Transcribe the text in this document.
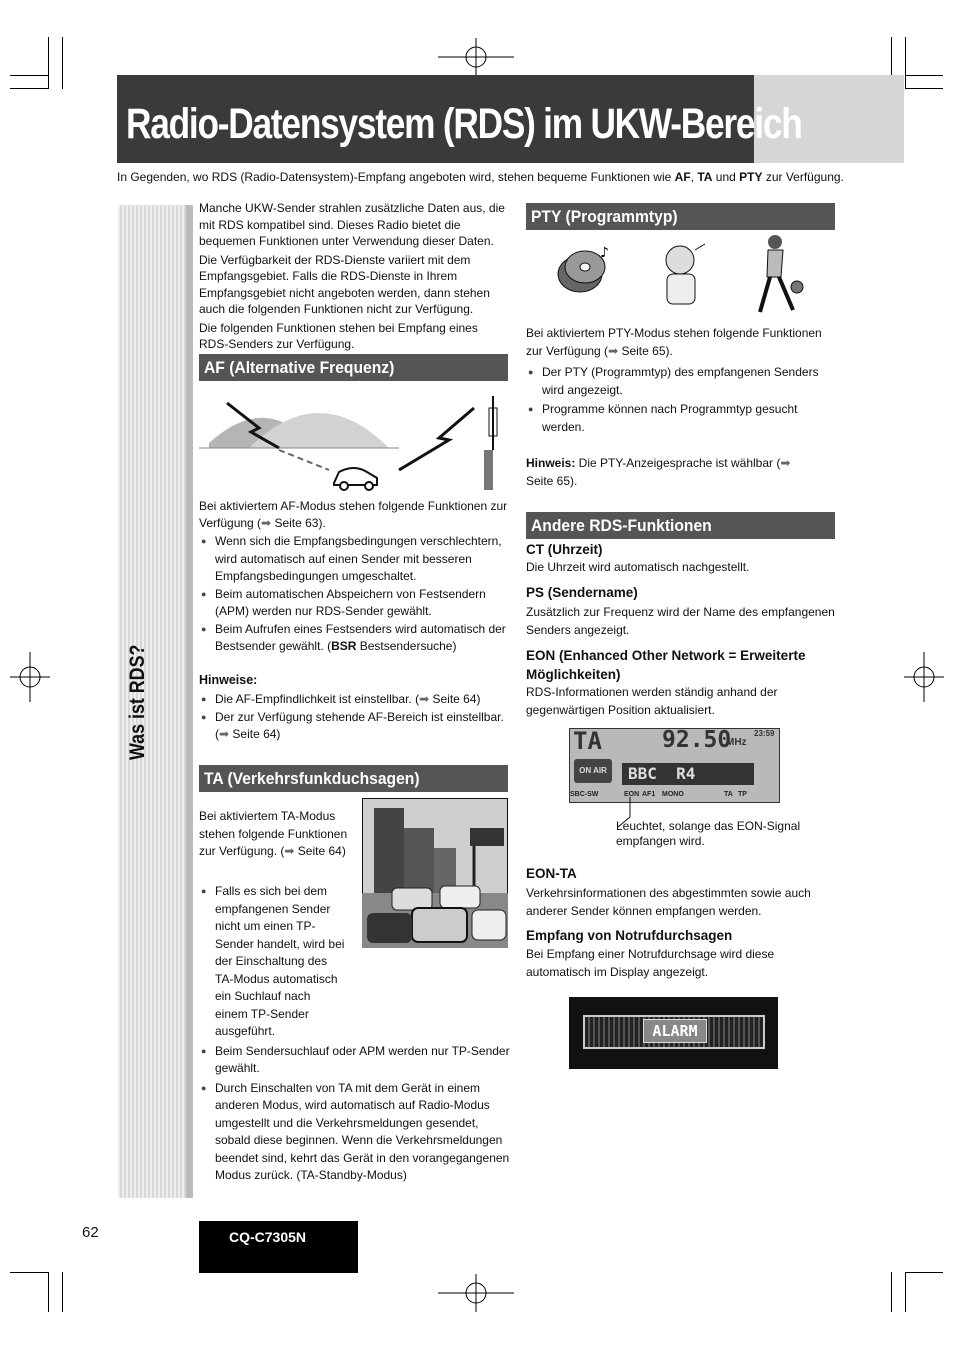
Radio-Datensystem (RDS) im UKW-Bereich
In Gegenden, wo RDS (Radio-Datensystem)-Empfang angeboten wird, stehen bequeme Funktionen wie AF, TA und PTY zur Verfügung.
Was ist RDS?
Manche UKW-Sender strahlen zusätzliche Daten aus, die mit RDS kompatibel sind. Dieses Radio bietet die bequemen Funktionen unter Verwendung dieser Daten.
Die Verfügbarkeit der RDS-Dienste variiert mit dem Empfangsgebiet. Falls die RDS-Dienste in Ihrem Empfangsgebiet nicht angeboten werden, dann stehen auch die folgenden Funktionen nicht zur Verfügung.
Die folgenden Funktionen stehen bei Empfang eines RDS-Senders zur Verfügung.
AF (Alternative Frequenz)
Bei aktiviertem AF-Modus stehen folgende Funktionen zur Verfügung (➡ Seite 63).
● Wenn sich die Empfangsbedingungen verschlechtern, wird automatisch auf einen Sender mit besseren Empfangsbedingungen umgeschaltet.
● Beim automatischen Abspeichern von Festsendern (APM) werden nur RDS-Sender gewählt.
● Beim Aufrufen eines Festsenders wird automatisch der Bestsender gewählt. (BSR Bestsendersuche)
Hinweise:
● Die AF-Empfindlichkeit ist einstellbar. (➡ Seite 64)
● Der zur Verfügung stehende AF-Bereich ist einstellbar. (➡ Seite 64)
TA (Verkehrsfunkduchsagen)
Bei aktiviertem TA-Modus stehen folgende Funktionen zur Verfügung. (➡ Seite 64)
● Falls es sich bei dem empfangenen Sender nicht um einen TP-Sender handelt, wird bei der Einschaltung des TA-Modus automatisch ein Suchlauf nach einem TP-Sender ausgeführt.
● Beim Sendersuchlauf oder APM werden nur TP-Sender gewählt.
● Durch Einschalten von TA mit dem Gerät in einem anderen Modus, wird automatisch auf Radio-Modus umgestellt und die Verkehrsmeldungen gesendet, sobald diese beginnen. Wenn die Verkehrsmeldungen beendet sind, kehrt das Gerät in den vorangegangenen Modus zurück. (TA-Standby-Modus)
PTY (Programmtyp)
♪
Bei aktiviertem PTY-Modus stehen folgende Funktionen zur Verfügung (➡ Seite 65).
● Der PTY (Programmtyp) des empfangenen Senders wird angezeigt.
● Programme können nach Programmtyp gesucht werden.
Hinweis: Die PTY-Anzeigesprache ist wählbar (➡ Seite 65).
Andere RDS-Funktionen
CT (Uhrzeit)
Die Uhrzeit wird automatisch nachgestellt.
PS (Sendername)
Zusätzlich zur Frequenz wird der Name des empfangenen Senders angezeigt.
EON (Enhanced Other Network = Erweiterte Möglichkeiten)
RDS-Informationen werden ständig anhand der gegenwärtigen Position aktualisiert.
TA	92.50
MHz
23:59
ON AIR	BBC  R4
SBC-SW	EON AF1 MONO	TA TP
Leuchtet, solange das EON-Signal empfangen wird.
EON-TA
Verkehrsinformationen des abgestimmten sowie auch anderer Sender können empfangen werden.
Empfang von Notrufdurchsagen
Bei Empfang einer Notrufdurchsage wird diese automatisch im Display angezeigt.
ALARM
62	CQ-C7305N
